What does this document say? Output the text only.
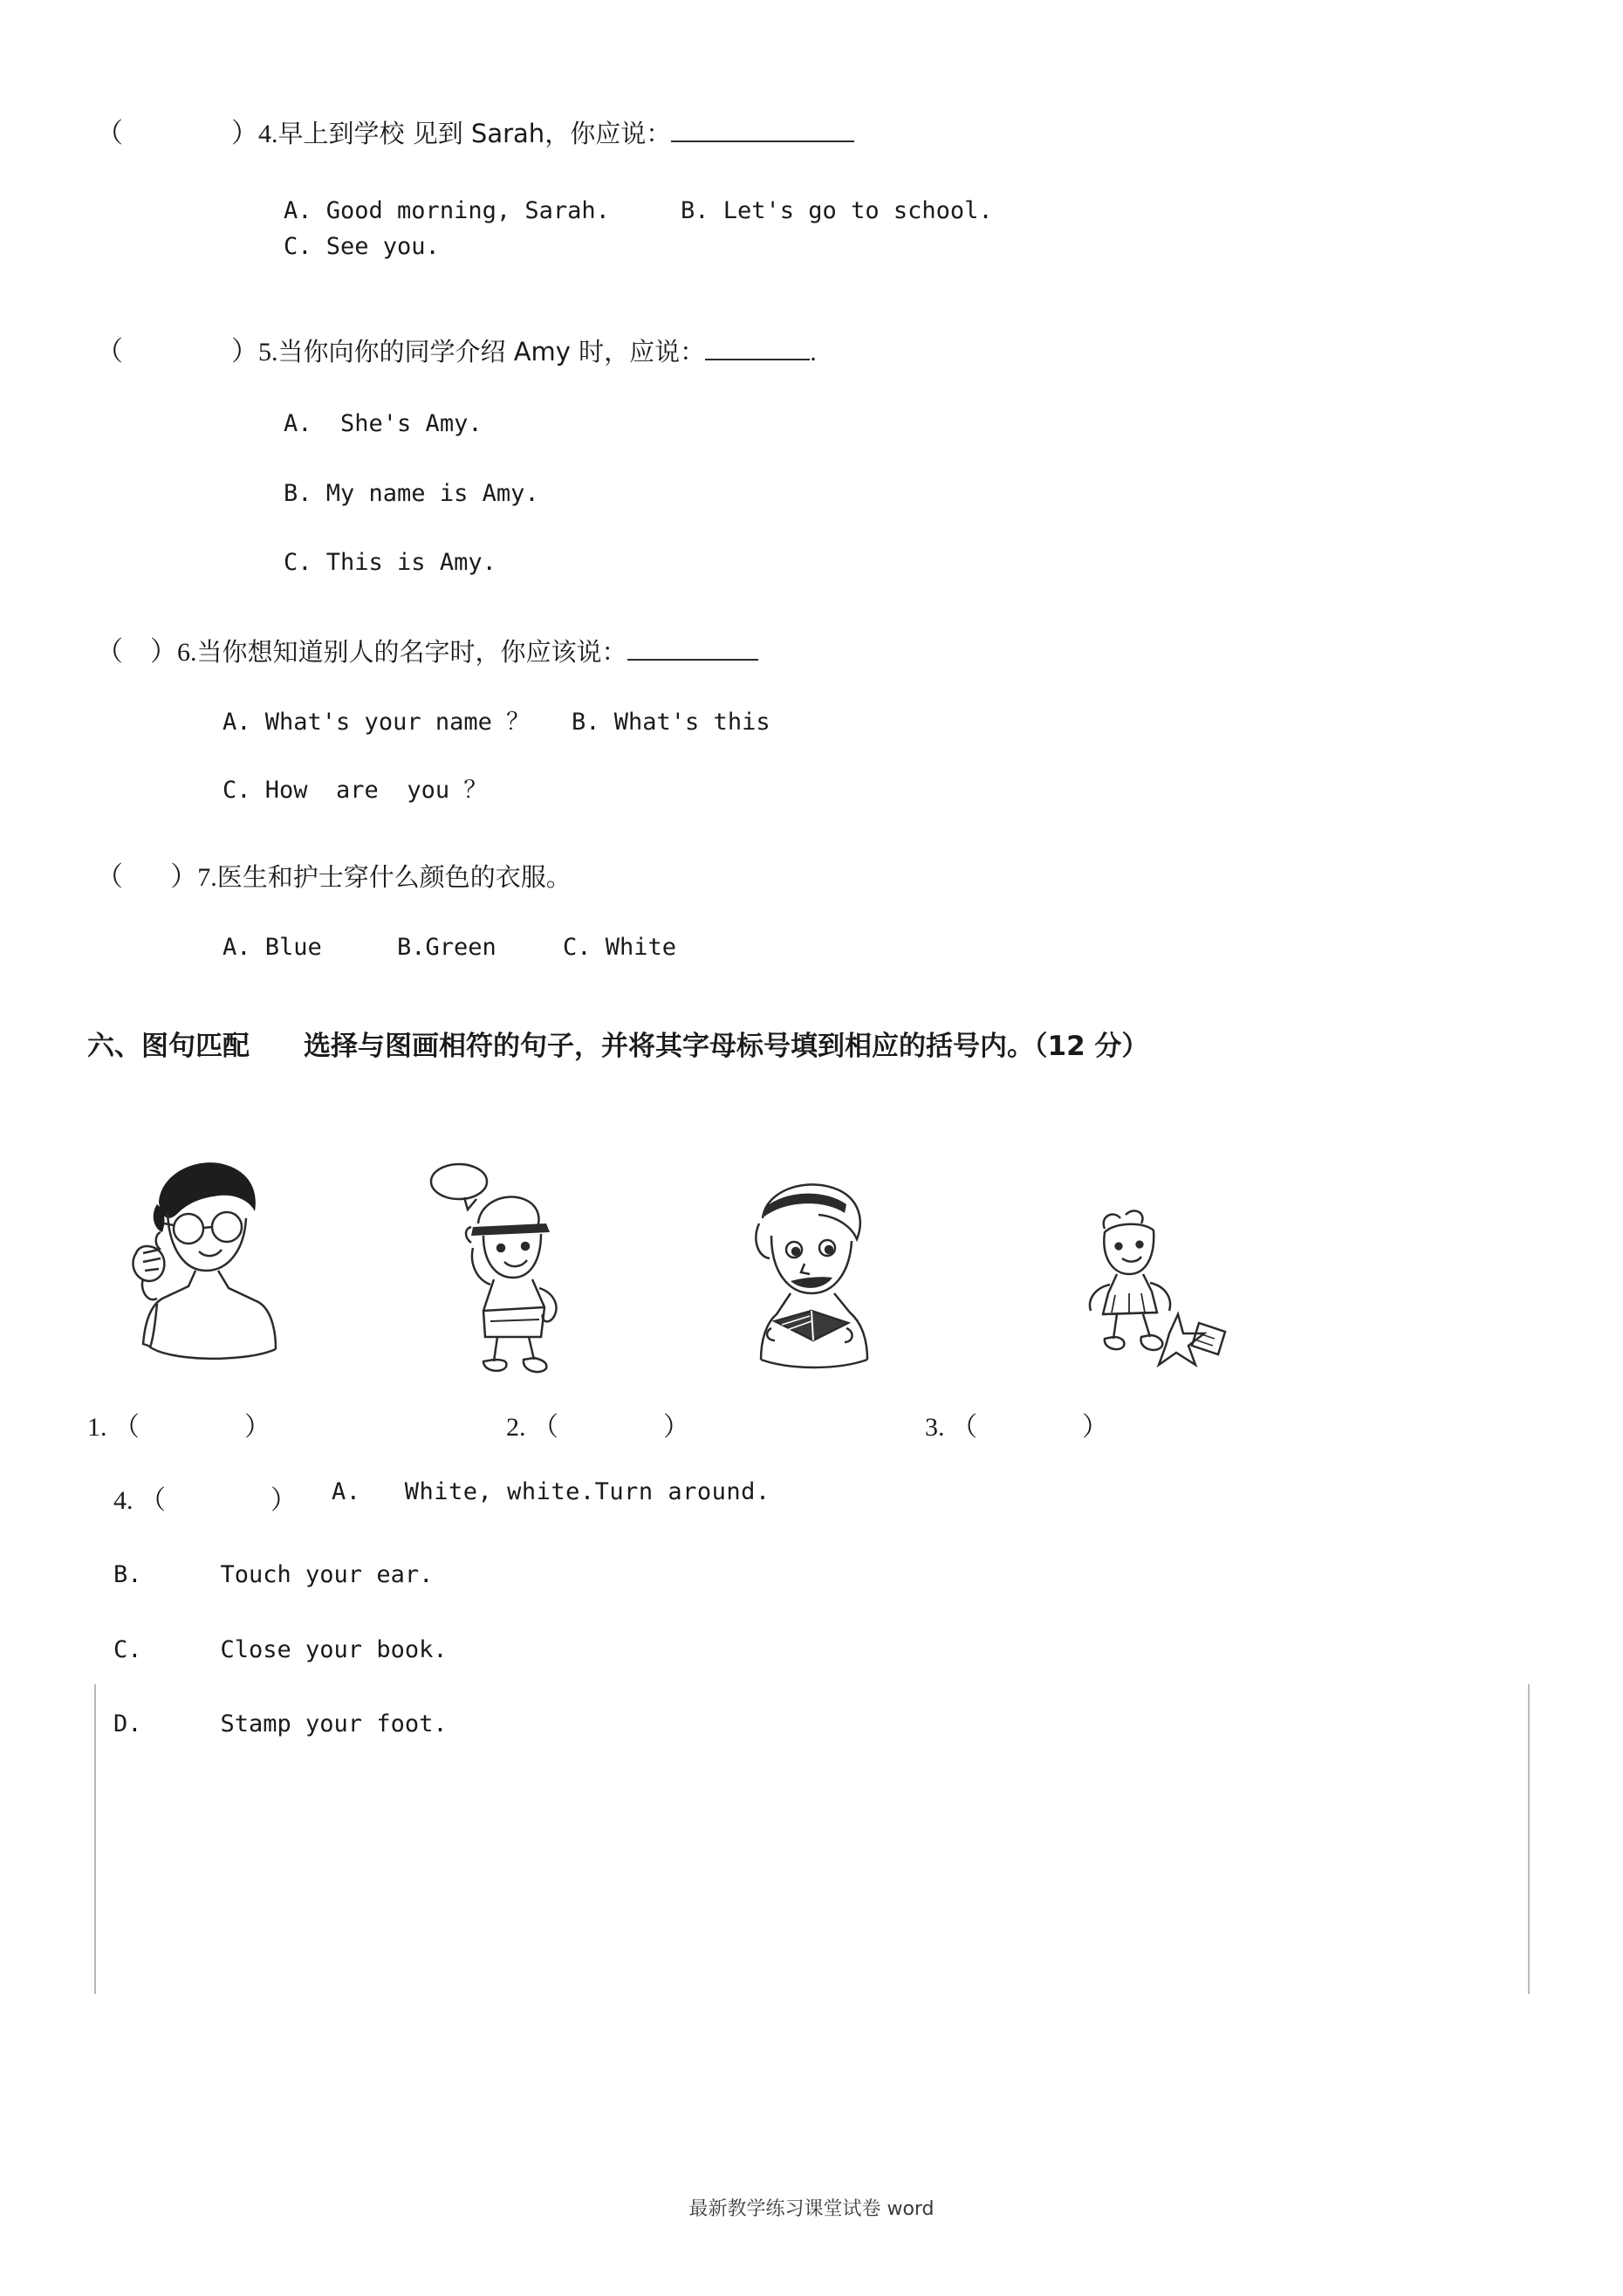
（                ） 4. 早上到学校 见到 Sarah，你应说：
A. Good morning, Sarah.	B. Let's go to school.
C. See you.
（                ） 5. 当你向你的同学介绍 Amy 时，应说：	.
A.  She's Amy.
B. My name is Amy.
C. This is Amy.
（    ） 6. 当你想知道别人的名字时，你应该说：
A. What's your name ？	B. What's this
C. How  are  you ？
（       ） 7. 医生和护士穿什么颜色的衣服。
A. Blue	B.Green	C. White
六、图句匹配　　 选择与图画相符的句子，并将其字母标号填到相应的括号内。（12 分）
1. （                ）	2. （                ）	3. （                ）
4. （                ） A.   White, white.Turn around.
B.	Touch your ear.
C.	Close your book.
D.	Stamp your foot.
最新教学练习课堂试卷 word
